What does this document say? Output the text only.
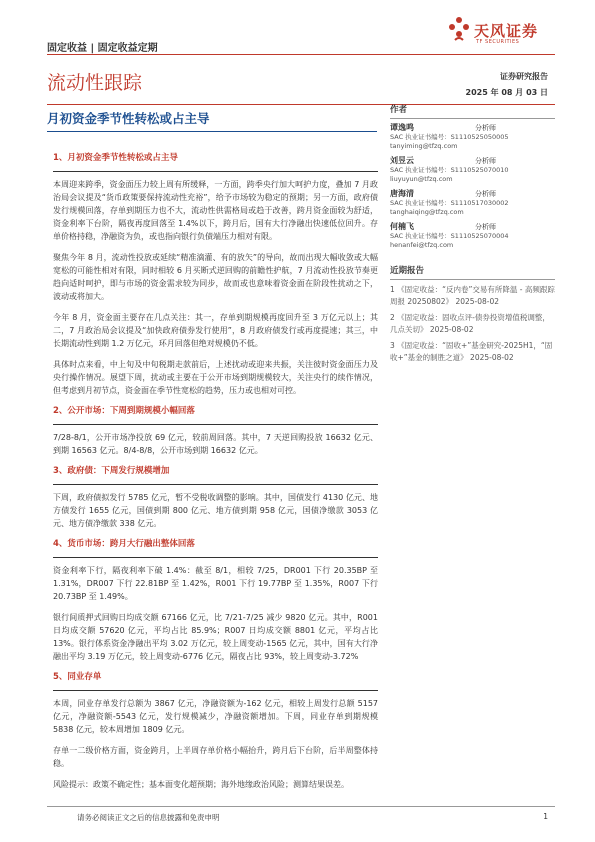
固定收益 | 固定收益定期
天风证券
TF SECURITIES
流动性跟踪	证券研究报告
2025 年 08 月 03 日
月初资金季节性转松或占主导
1、月初资金季节性转松或占主导

本周迎来跨季，资金面压力较上周有所缓释，一方面，跨季央行加大呵护力度，叠加 7 月政治局会议提及“货币政策要保持流动性充裕”，给予市场较为稳定的预期；另一方面，政府债发行规模回落，存单到期压力也不大，流动性供需格局或趋于改善，跨月资金面较为舒适，资金利率下台阶，隔夜再度回落至 1.4%以下，跨月后，国有大行净融出快速低位回升。存单价格持稳，净融资为负，或也指向银行负债端压力相对有限。

聚焦今年 8 月，流动性投放或延续“精准滴灌、有的放矢”的导向，故而出现大幅收敛或大幅宽松的可能性相对有限，同时相较 6 月买断式逆回购的前瞻性护航，7 月流动性投放节奏更趋向适时呵护，即与市场的资金需求较为同步，故而或也意味着资金面在阶段性扰动之下，波动或将加大。

今年 8 月，资金面主要存在几点关注：其一，存单到期规模再度回升至 3 万亿元以上；其二，7 月政治局会议提及“加快政府债券发行使用”，8 月政府债发行或再度提速；其三，中长期流动性到期 1.2 万亿元，环月回落但绝对规模仍不低。

具体时点来看，中上旬及中旬税期走款前后，上述扰动或迎来共振，关注彼时资金面压力及央行操作情况。展望下周，扰动或主要在于公开市场到期规模较大，关注央行的续作情况，但考虑到月初节点，资金面在季节性宽松的趋势，压力或也相对可控。

2、公开市场：下周到期规模小幅回落

7/28-8/1，公开市场净投放 69 亿元，较前周回落。其中，7 天逆回购投放 16632 亿元、到期 16563 亿元。8/4-8/8，公开市场到期 16632 亿元。

3、政府债：下周发行规模增加

下周，政府债拟发行 5785 亿元，暂不受税收调整的影响。其中，国债发行 4130 亿元、地方债发行 1655 亿元，国债到期 800 亿元、地方债到期 958 亿元，国债净缴款 3053 亿元、地方债净缴款 338 亿元。

4、货币市场：跨月大行融出整体回落

资金利率下行，隔夜利率下破 1.4%：截至 8/1，相较 7/25，DR001 下行 20.35BP 至 1.31%，DR007 下行 22.81BP 至 1.42%，R001 下行 19.77BP 至 1.35%，R007 下行 20.73BP 至 1.49%。

银行间质押式回购日均成交额 67166 亿元，比 7/21-7/25 减少 9820 亿元。其中，R001 日均成交额 57620 亿元，平均占比 85.9%；R007 日均成交额 8801 亿元，平均占比 13%。银行体系资金净融出平均 3.02 万亿元，较上周变动-1565 亿元，其中，国有大行净融出平均 3.19 万亿元，较上周变动-6776 亿元，隔夜占比 93%，较上周变动-3.72%

5、同业存单

本周，同业存单发行总额为 3867 亿元，净融资额为-162 亿元，相较上周发行总额 5157 亿元，净融资额-5543 亿元，发行规模减少，净融资额增加。下周，同业存单到期规模 5838 亿元，较本周增加 1809 亿元。

存单一二级价格方面，资金跨月，上半周存单价格小幅抬升，跨月后下台阶，后半周整体持稳。

风险提示：政策不确定性；基本面变化超预期；海外地缘政治风险；测算结果误差。

作者
谭逸鸣	分析师
SAC 执业证书编号：S1110525050005
tanyiming@tfzq.com
刘昱云	分析师
SAC 执业证书编号：S1110525070010
liuyuyun@tfzq.com
唐海清	分析师
SAC 执业证书编号：S1110517030002
tanghaiqing@tfzq.com
何楠飞	分析师
SAC 执业证书编号：S1110525070004
henanfei@tfzq.com
近期报告
1 《固定收益：“反内卷”交易有所降温 - 高频跟踪周报 20250802》 2025-08-02
2 《固定收益：固收点评-债券投资增值税调整，几点关切》 2025-08-02
3 《固定收益：“固收+”基金研究-2025H1，“固收+”基金的制胜之道》 2025-08-02
请务必阅读正文之后的信息披露和免责申明	1
